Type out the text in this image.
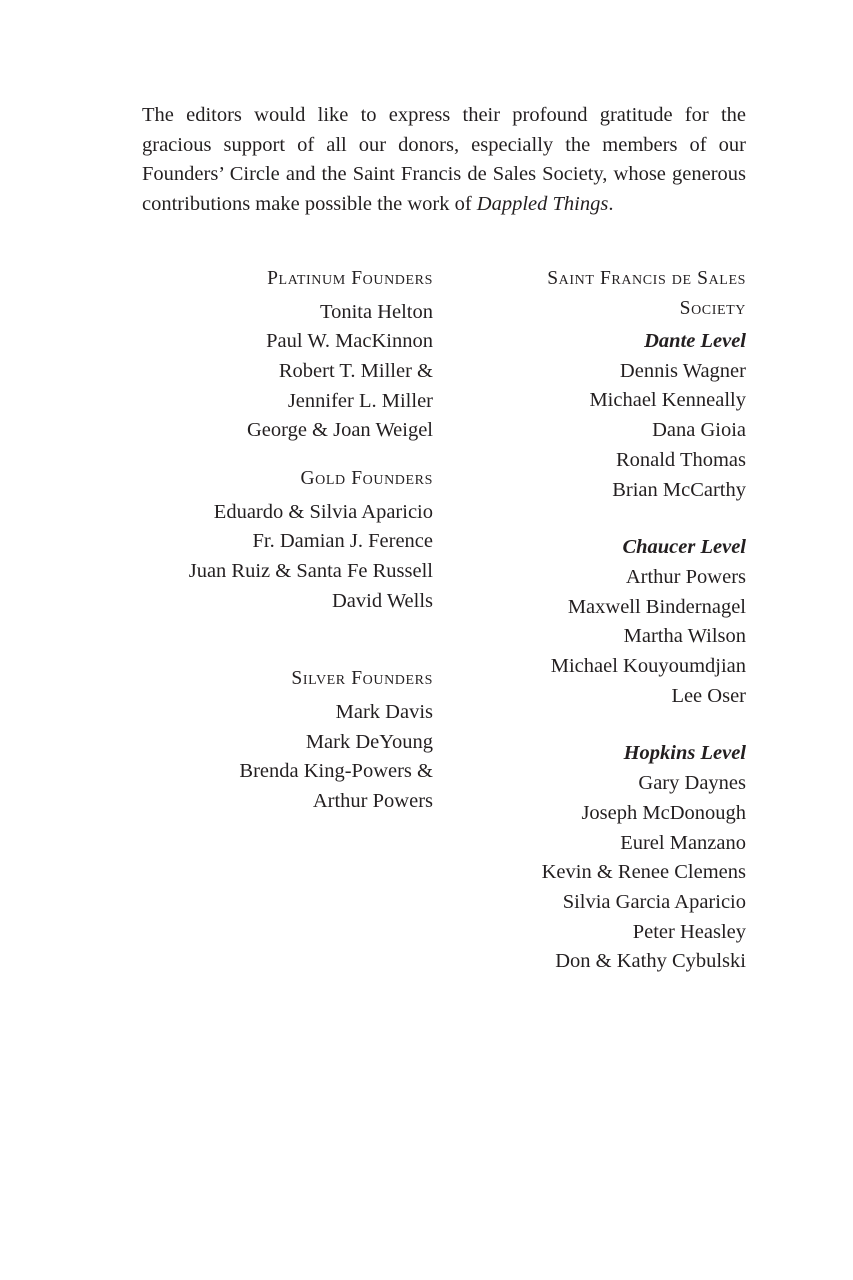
The editors would like to express their profound gratitude for the gracious support of all our donors, especially the members of our Founders’ Circle and the Saint Francis de Sales Society, whose generous contributions make possible the work of Dappled Things.

Platinum Founders
Tonita Helton
Paul W. MacKinnon
Robert T. Miller &
Jennifer L. Miller
George & Joan Weigel
Gold Founders
Eduardo & Silvia Aparicio
Fr. Damian J. Ference
Juan Ruiz & Santa Fe Russell
David Wells
Silver Founders
Mark Davis
Mark DeYoung
Brenda King-Powers &
Arthur Powers
Saint Francis de Sales
Society
Dante Level
Dennis Wagner
Michael Kenneally
Dana Gioia
Ronald Thomas
Brian McCarthy
Chaucer Level
Arthur Powers
Maxwell Bindernagel
Martha Wilson
Michael Kouyoumdjian
Lee Oser
Hopkins Level
Gary Daynes
Joseph McDonough
Eurel Manzano
Kevin & Renee Clemens
Silvia Garcia Aparicio
Peter Heasley
Don & Kathy Cybulski
